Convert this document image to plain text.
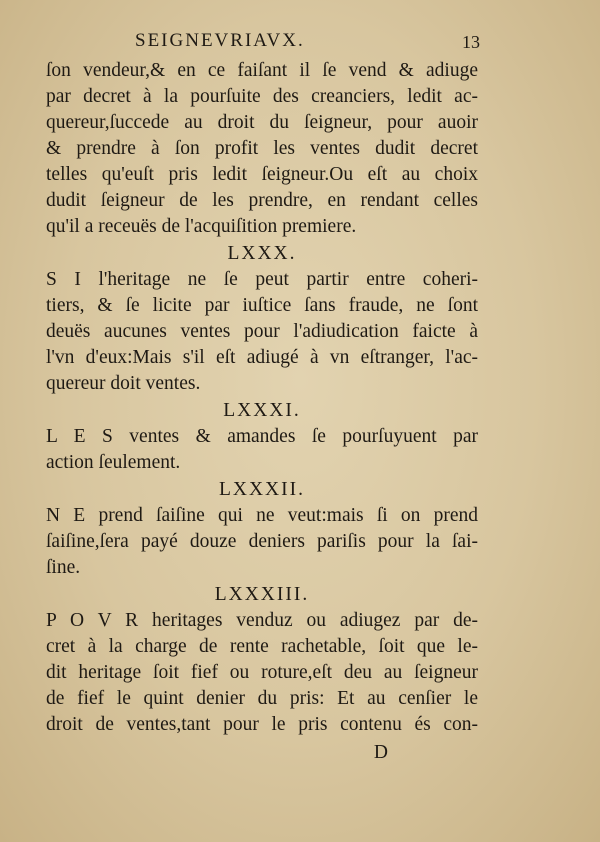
SEIGNEVRIAVX.	13
ſon vendeur,& en ce faiſant il ſe vend & adiuge
par decret à la pourſuite des creanciers, ledit ac-
quereur,ſuccede au droit du ſeigneur, pour auoir
& prendre à ſon profit les ventes dudit decret
telles qu'euſt pris ledit ſeigneur.Ou eſt au choix
dudit ſeigneur de les prendre, en rendant celles
qu'il a receuës de l'acquiſition premiere.
LXXX.
S I l'heritage ne ſe peut partir entre coheri-
tiers, & ſe licite par iuſtice ſans fraude, ne ſont
deuës aucunes ventes pour l'adiudication faicte à
l'vn d'eux:Mais s'il eſt adiugé à vn eſtranger, l'ac-
quereur doit ventes.
LXXXI.
L E S ventes & amandes ſe pourſuyuent par
action ſeulement.
LXXXII.
N E prend ſaiſine qui ne veut:mais ſi on prend
ſaiſine,ſera payé douze deniers pariſis pour la ſai-
ſine.
LXXXIII.
P O V R heritages venduz ou adiugez par de-
cret à la charge de rente rachetable, ſoit que le-
dit heritage ſoit fief ou roture,eſt deu au ſeigneur
de fief le quint denier du pris: Et au cenſier le
droit de ventes,tant pour le pris contenu és con-
D
